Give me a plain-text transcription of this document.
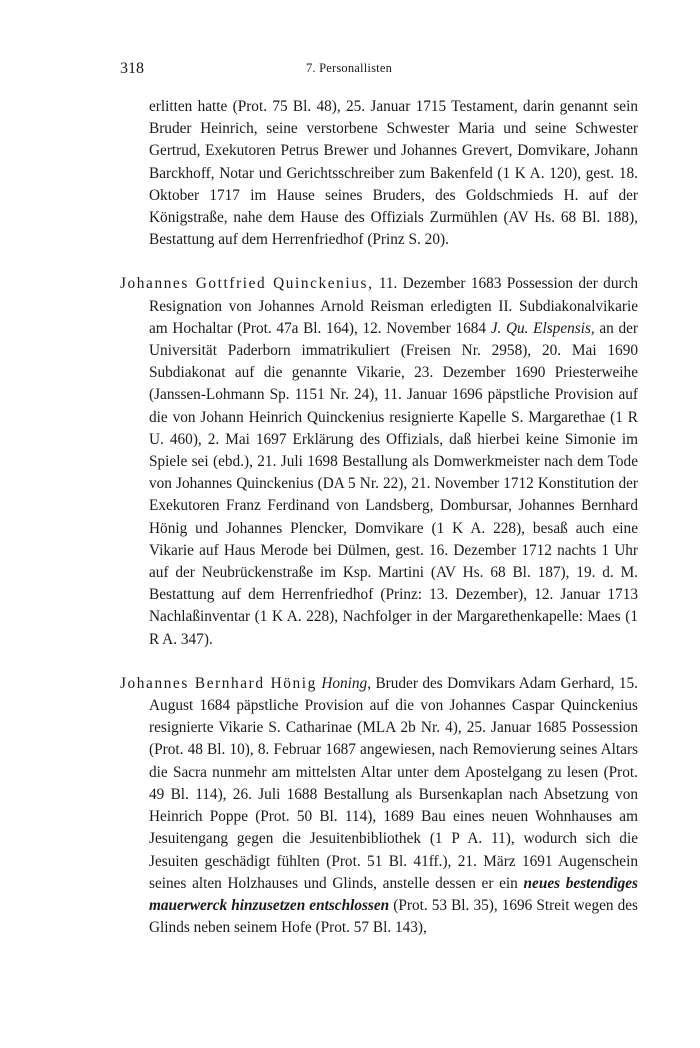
318	7. Personallisten

erlitten hatte (Prot. 75 Bl. 48), 25. Januar 1715 Testament, darin genannt sein Bruder Heinrich, seine verstorbene Schwester Maria und seine Schwester Gertrud, Exekutoren Petrus Brewer und Johannes Grevert, Domvikare, Johann Barckhoff, Notar und Gerichtsschreiber zum Bakenfeld (1 K A. 120), gest. 18. Oktober 1717 im Hause seines Bruders, des Goldschmieds H. auf der Königstraße, nahe dem Hause des Offizials Zurmühlen (AV Hs. 68 Bl. 188), Bestattung auf dem Herrenfriedhof (Prinz S. 20).

Johannes Gottfried Quinckenius, 11. Dezember 1683 Possession der durch Resignation von Johannes Arnold Reisman erledigten II. Subdiakonalvikarie am Hochaltar (Prot. 47a Bl. 164), 12. November 1684 J. Qu. Elspensis, an der Universität Paderborn immatrikuliert (Freisen Nr. 2958), 20. Mai 1690 Subdiakonat auf die genannte Vikarie, 23. Dezember 1690 Priesterweihe (Janssen-Lohmann Sp. 1151 Nr. 24), 11. Januar 1696 päpstliche Provision auf die von Johann Heinrich Quinckenius resignierte Kapelle S. Margarethae (1 R U. 460), 2. Mai 1697 Erklärung des Offizials, daß hierbei keine Simonie im Spiele sei (ebd.), 21. Juli 1698 Bestallung als Domwerkmeister nach dem Tode von Johannes Quinckenius (DA 5 Nr. 22), 21. November 1712 Konstitution der Exekutoren Franz Ferdinand von Landsberg, Dombursar, Johannes Bernhard Hönig und Johannes Plencker, Domvikare (1 K A. 228), besaß auch eine Vikarie auf Haus Merode bei Dülmen, gest. 16. Dezember 1712 nachts 1 Uhr auf der Neubrückenstraße im Ksp. Martini (AV Hs. 68 Bl. 187), 19. d. M. Bestattung auf dem Herrenfriedhof (Prinz: 13. Dezember), 12. Januar 1713 Nachlaßinventar (1 K A. 228), Nachfolger in der Margarethenkapelle: Maes (1 R A. 347).

Johannes Bernhard Hönig Honing, Bruder des Domvikars Adam Gerhard, 15. August 1684 päpstliche Provision auf die von Johannes Caspar Quinckenius resignierte Vikarie S. Catharinae (MLA 2b Nr. 4), 25. Januar 1685 Possession (Prot. 48 Bl. 10), 8. Februar 1687 angewiesen, nach Removierung seines Altars die Sacra nunmehr am mittelsten Altar unter dem Apostelgang zu lesen (Prot. 49 Bl. 114), 26. Juli 1688 Bestallung als Bursenkaplan nach Absetzung von Heinrich Poppe (Prot. 50 Bl. 114), 1689 Bau eines neuen Wohnhauses am Jesuitengang gegen die Jesuitenbibliothek (1 P A. 11), wodurch sich die Jesuiten geschädigt fühlten (Prot. 51 Bl. 41ff.), 21. März 1691 Augenschein seines alten Holzhauses und Glinds, anstelle dessen er ein neues bestendiges mauerwerck hinzusetzen entschlossen (Prot. 53 Bl. 35), 1696 Streit wegen des Glinds neben seinem Hofe (Prot. 57 Bl. 143),
